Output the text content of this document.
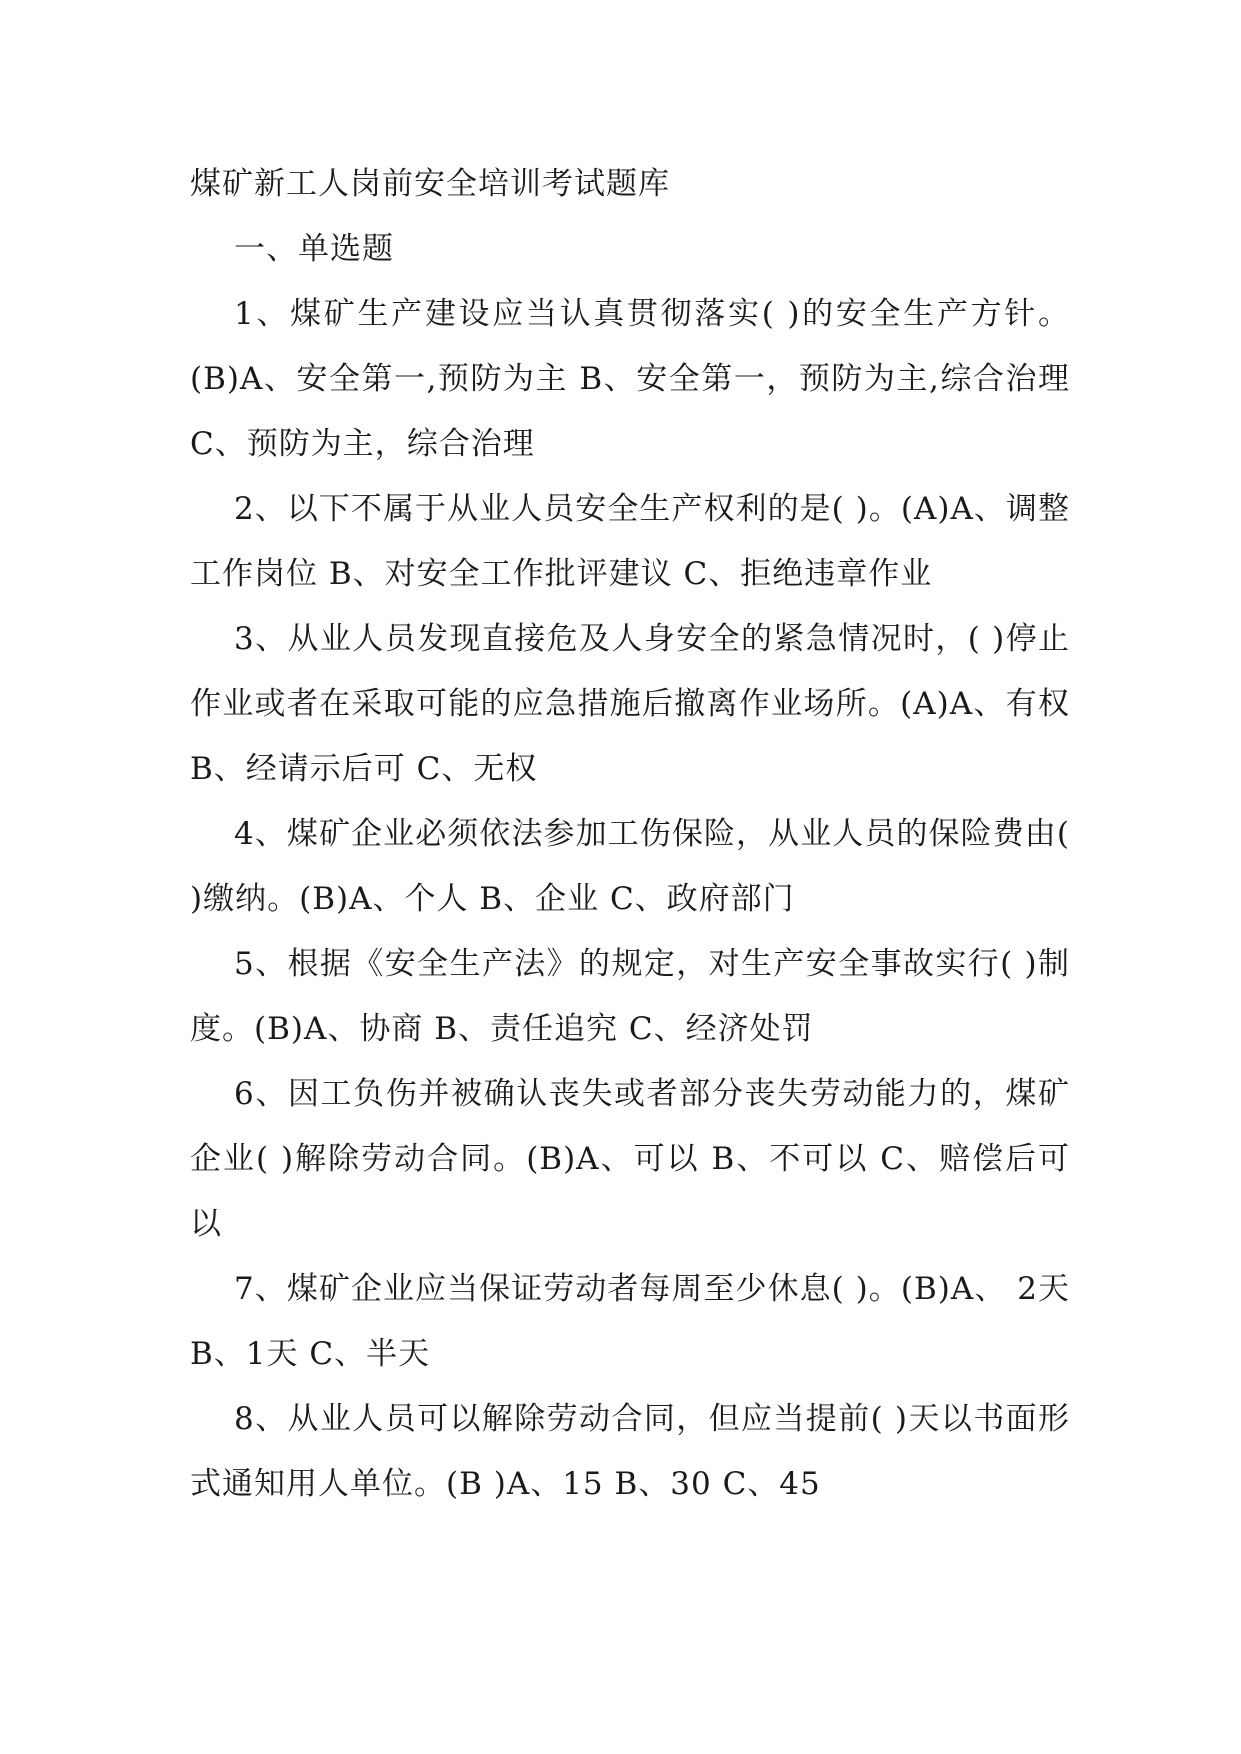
煤矿新工人岗前安全培训考试题库

一、单选题

1、煤矿生产建设应当认真贯彻落实( )的安全生产方针。(B)A、安全第一,预防为主 B、安全第一，预防为主,综合治理 C、预防为主，综合治理

2、以下不属于从业人员安全生产权利的是( )。(A)A、调整工作岗位 B、对安全工作批评建议 C、拒绝违章作业

3、从业人员发现直接危及人身安全的紧急情况时，( )停止作业或者在采取可能的应急措施后撤离作业场所。(A)A、有权 B、经请示后可 C、无权

4、煤矿企业必须依法参加工伤保险，从业人员的保险费由( )缴纳。(B)A、个人 B、企业 C、政府部门

5、根据《安全生产法》的规定，对生产安全事故实行( )制度。(B)A、协商 B、责任追究 C、经济处罚

6、因工负伤并被确认丧失或者部分丧失劳动能力的，煤矿企业( )解除劳动合同。(B)A、可以 B、不可以 C、赔偿后可以

7、煤矿企业应当保证劳动者每周至少休息( )。(B)A、 2天 B、1天 C、半天

8、从业人员可以解除劳动合同，但应当提前( )天以书面形式通知用人单位。(B )A、15 B、30 C、45
